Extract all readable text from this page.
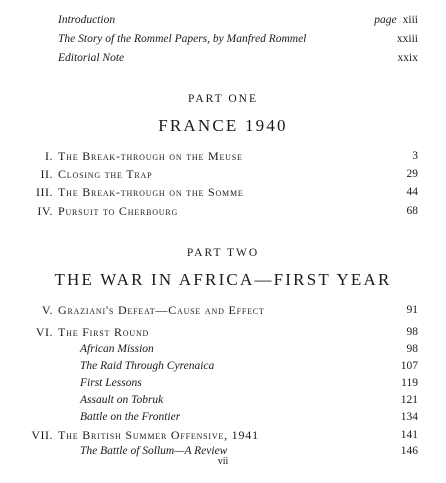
Introduction	page xiii
The Story of the Rommel Papers, by Manfred Rommel	xxiii
Editorial Note	xxix
PART ONE
FRANCE 1940
I. The Break-through on the Meuse	3
II. Closing the Trap	29
III. The Break-through on the Somme	44
IV. Pursuit to Cherbourg	68
PART TWO
THE WAR IN AFRICA—FIRST YEAR
V. Graziani's Defeat—Cause and Effect	91
VI. The First Round	98
African Mission	98
The Raid Through Cyrenaica	107
First Lessons	119
Assault on Tobruk	121
Battle on the Frontier	134
VII. The British Summer Offensive, 1941	141
The Battle of Sollum—A Review	146
vii
